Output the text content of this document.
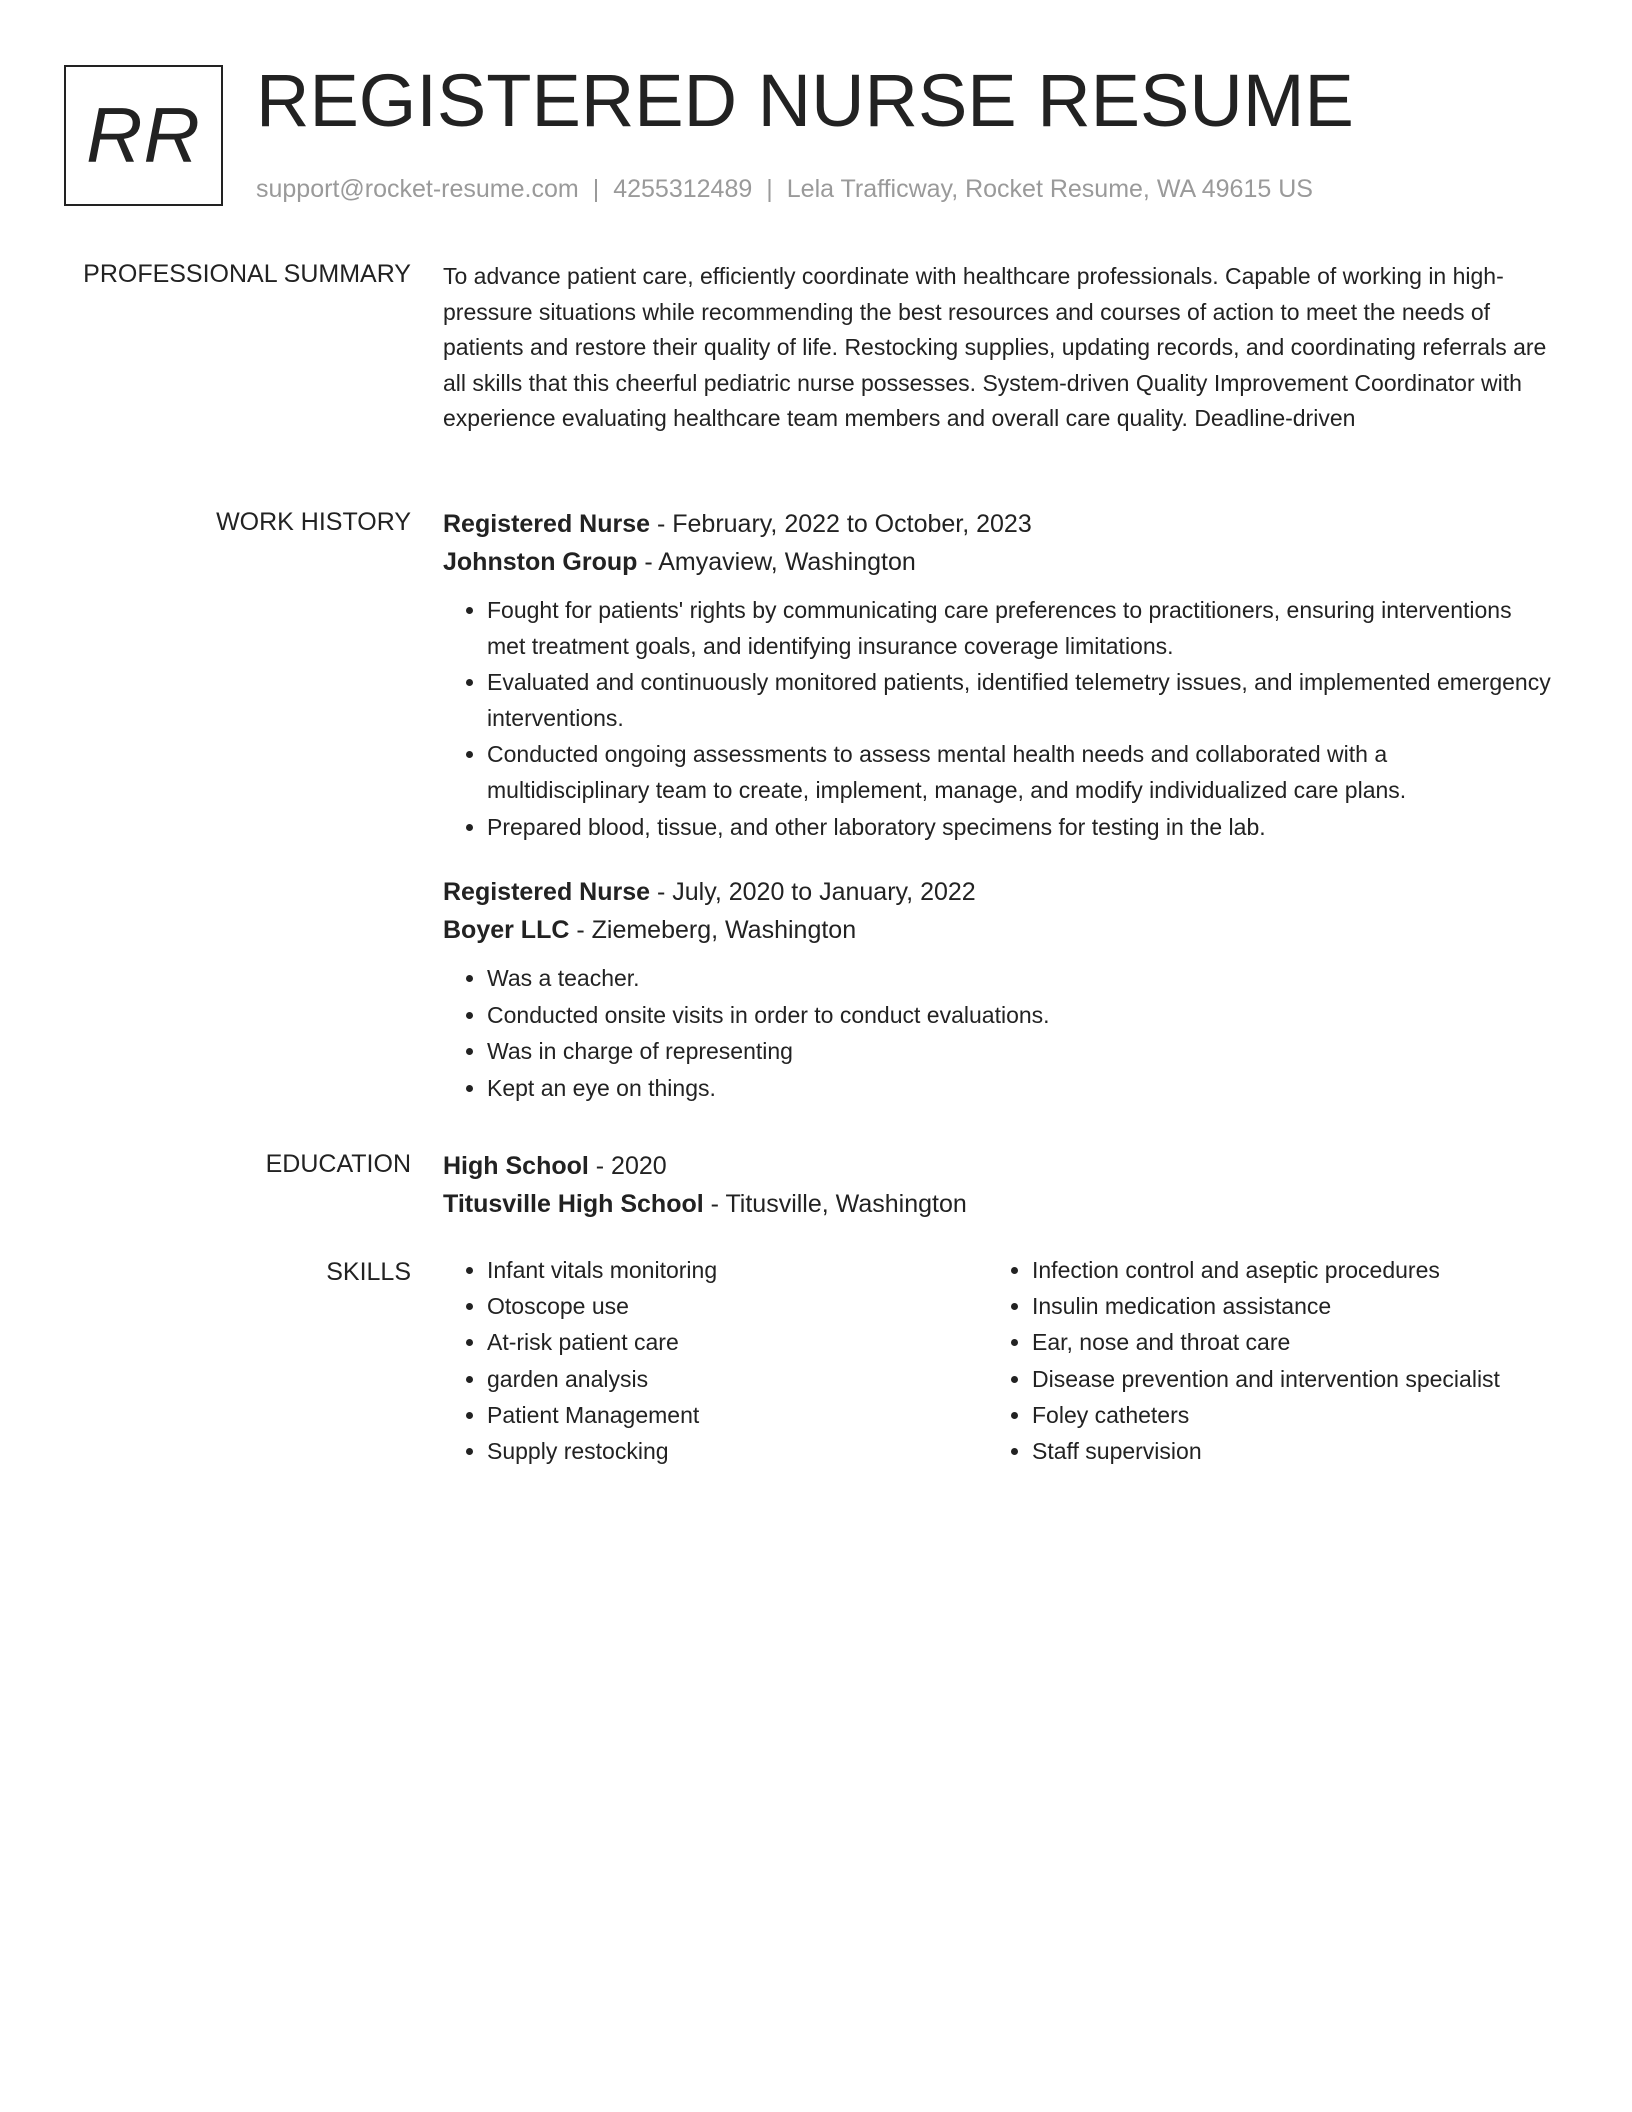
RR REGISTERED NURSE RESUME
support@rocket-resume.com | 4255312489 | Lela Trafficway, Rocket Resume, WA 49615 US
PROFESSIONAL SUMMARY To advance patient care, efficiently coordinate with healthcare professionals. Capable of working in high-pressure situations while recommending the best resources and courses of action to meet the needs of patients and restore their quality of life. Restocking supplies, updating records, and coordinating referrals are all skills that this cheerful pediatric nurse possesses. System-driven Quality Improvement Coordinator with experience evaluating healthcare team members and overall care quality. Deadline-driven

WORK HISTORY Registered Nurse - February, 2022 to October, 2023
Johnston Group - Amyaview, Washington
• Fought for patients' rights by communicating care preferences to practitioners, ensuring interventions met treatment goals, and identifying insurance coverage limitations.
• Evaluated and continuously monitored patients, identified telemetry issues, and implemented emergency interventions.
• Conducted ongoing assessments to assess mental health needs and collaborated with a multidisciplinary team to create, implement, manage, and modify individualized care plans.
• Prepared blood, tissue, and other laboratory specimens for testing in the lab.
Registered Nurse - July, 2020 to January, 2022
Boyer LLC - Ziemeberg, Washington
• Was a teacher.
• Conducted onsite visits in order to conduct evaluations.
• Was in charge of representing
• Kept an eye on things.
EDUCATION High School - 2020
Titusville High School - Titusville, Washington
SKILLS
•	Infant vitals monitoring
• Otoscope use
• At-risk patient care
• garden analysis
• Patient Management
• Supply restocking
• Infection control and aseptic procedures
• Insulin medication assistance
• Ear, nose and throat care
• Disease prevention and intervention specialist
• Foley catheters
• Staff supervision
